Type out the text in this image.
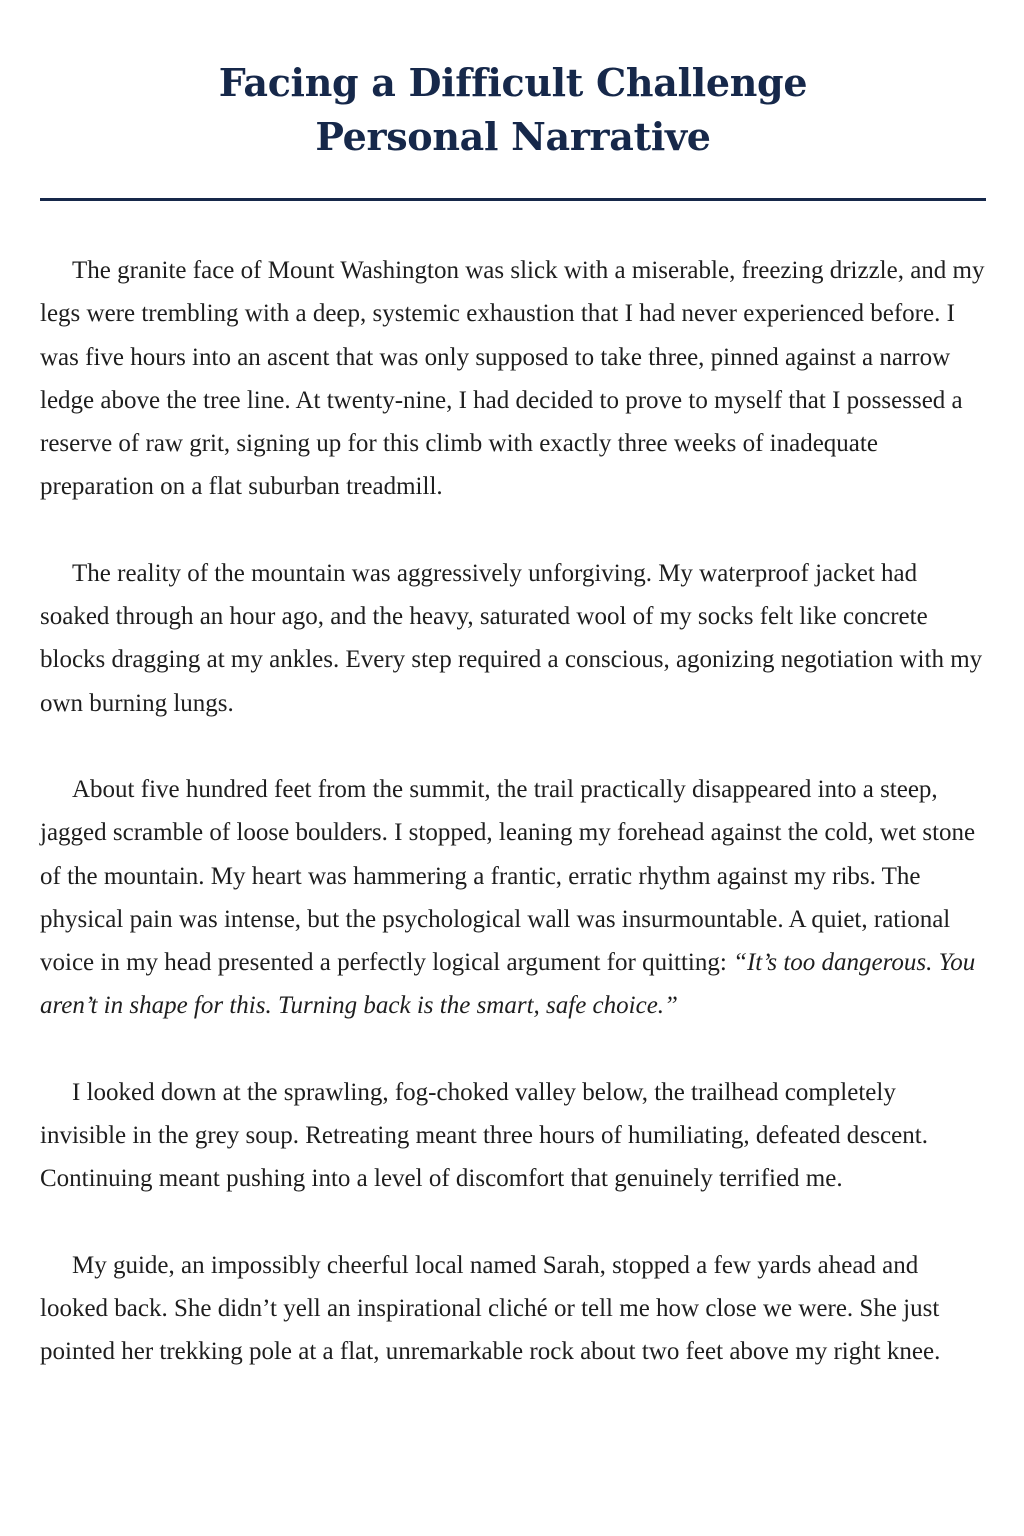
Facing a Difficult Challenge Personal Narrative

The granite face of Mount Washington was slick with a miserable, freezing drizzle, and my legs were trembling with a deep, systemic exhaustion that I had never experienced before. I was five hours into an ascent that was only supposed to take three, pinned against a narrow ledge above the tree line. At twenty-nine, I had decided to prove to myself that I possessed a reserve of raw grit, signing up for this climb with exactly three weeks of inadequate preparation on a flat suburban treadmill.

The reality of the mountain was aggressively unforgiving. My waterproof jacket had soaked through an hour ago, and the heavy, saturated wool of my socks felt like concrete blocks dragging at my ankles. Every step required a conscious, agonizing negotiation with my own burning lungs.

About five hundred feet from the summit, the trail practically disappeared into a steep, jagged scramble of loose boulders. I stopped, leaning my forehead against the cold, wet stone of the mountain. My heart was hammering a frantic, erratic rhythm against my ribs. The physical pain was intense, but the psychological wall was insurmountable. A quiet, rational voice in my head presented a perfectly logical argument for quitting: “It’s too dangerous. You aren’t in shape for this. Turning back is the smart, safe choice.”

I looked down at the sprawling, fog-choked valley below, the trailhead completely invisible in the grey soup. Retreating meant three hours of humiliating, defeated descent. Continuing meant pushing into a level of discomfort that genuinely terrified me.

My guide, an impossibly cheerful local named Sarah, stopped a few yards ahead and looked back. She didn’t yell an inspirational cliché or tell me how close we were. She just pointed her trekking pole at a flat, unremarkable rock about two feet above my right knee.
